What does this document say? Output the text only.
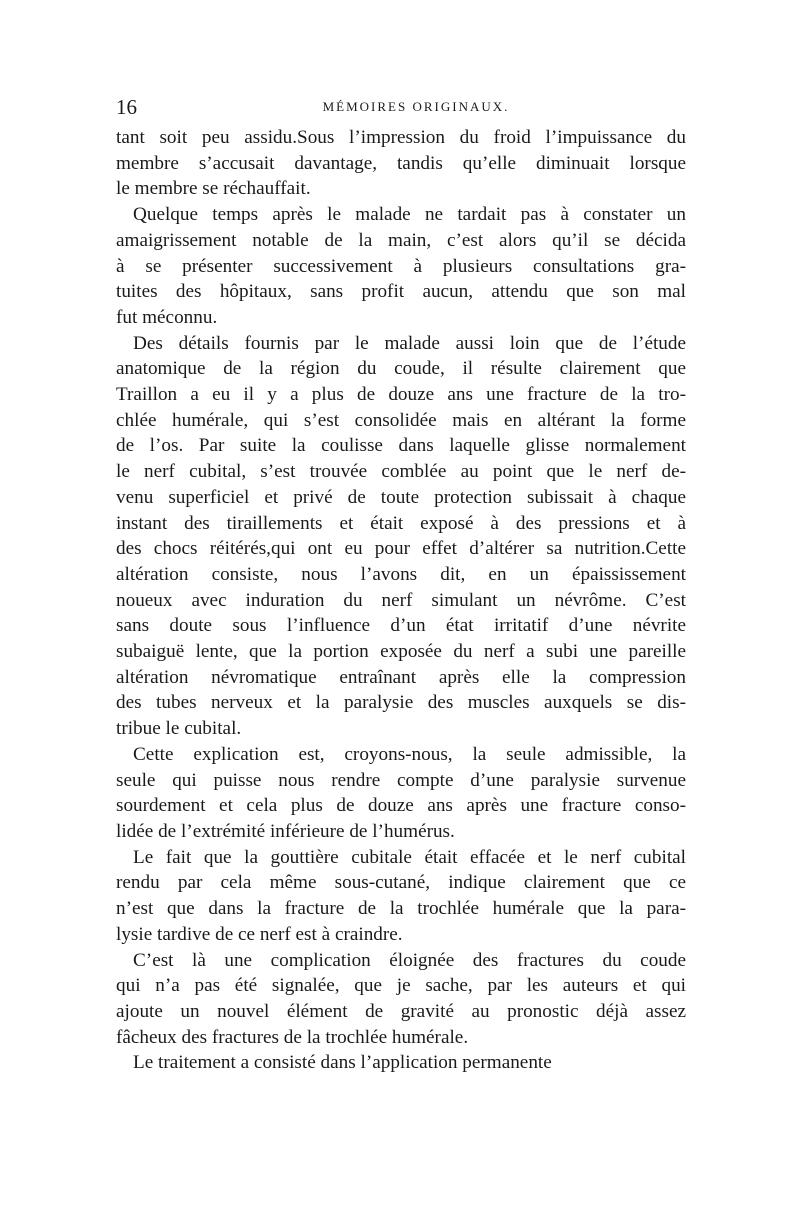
16	MÉMOIRES ORIGINAUX.

tant soit peu assidu.Sous l’impression du froid l’impuissance du
membre s’accusait davantage, tandis qu’elle diminuait lorsque
le membre se réchauffait.

Quelque temps après le malade ne tardait pas à constater un
amaigrissement notable de la main, c’est alors qu’il se décida
à se présenter successivement à plusieurs consultations gra-
tuites des hôpitaux, sans profit aucun, attendu que son mal
fut méconnu.

Des détails fournis par le malade aussi loin que de l’étude
anatomique de la région du coude, il résulte clairement que
Traillon a eu il y a plus de douze ans une fracture de la tro-
chlée humérale, qui s’est consolidée mais en altérant la forme
de l’os. Par suite la coulisse dans laquelle glisse normalement
le nerf cubital, s’est trouvée comblée au point que le nerf de-
venu superficiel et privé de toute protection subissait à chaque
instant des tiraillements et était exposé à des pressions et à
des chocs réitérés,qui ont eu pour effet d’altérer sa nutrition.Cette
altération consiste, nous l’avons dit, en un épaississement
noueux avec induration du nerf simulant un névrôme. C’est
sans doute sous l’influence d’un état irritatif d’une névrite
subaiguë lente, que la portion exposée du nerf a subi une pareille
altération névromatique entraînant après elle la compression
des tubes nerveux et la paralysie des muscles auxquels se dis-
tribue le cubital.

Cette explication est, croyons-nous, la seule admissible, la
seule qui puisse nous rendre compte d’une paralysie survenue
sourdement et cela plus de douze ans après une fracture conso-
lidée de l’extrémité inférieure de l’humérus.

Le fait que la gouttière cubitale était effacée et le nerf cubital
rendu par cela même sous-cutané, indique clairement que ce
n’est que dans la fracture de la trochlée humérale que la para-
lysie tardive de ce nerf est à craindre.

C’est là une complication éloignée des fractures du coude
qui n’a pas été signalée, que je sache, par les auteurs et qui
ajoute un nouvel élément de gravité au pronostic déjà assez
fâcheux des fractures de la trochlée humérale.

Le traitement a consisté dans l’application permanente
